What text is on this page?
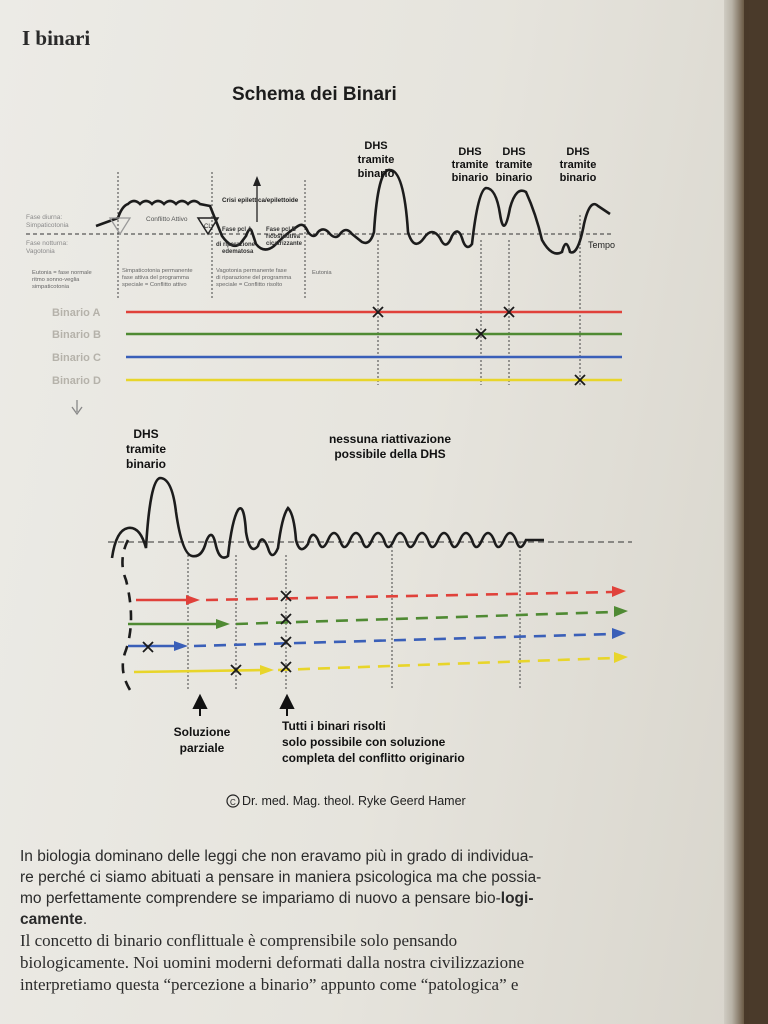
I binari
Schema dei Binari
Fase diurna:
Simpaticotonia
Fase notturna:
Vagotonia
CL
Crisi epilettica/epilettoide
Conflitto Attivo
Fase pcl A
di riparazione
edematosa
Fase pcl B
ricostitutiva
cicatrizzante	Tempo
DHS
tramite
binario
DHS
tramite
binario
DHS
tramite
binario
DHS
tramite
binario
Eutonia = fase normale
ritmo sonno-veglia
simpaticotonia
Simpaticotonia permanente
fase attiva del programma
speciale = Conflitto attivo
Vagotonia permanente fase
di riparazione del programma
speciale = Conflitto risolto
Eutonia
Binario A
Binario B
Binario C
Binario D
DHS
tramite
binario
nessuna riattivazione
possibile della DHS
Soluzione
parziale
Tutti i binari risolti
solo possibile con soluzione
completa del conflitto originario
C Dr. med. Mag. theol. Ryke Geerd Hamer

In biologia dominano delle leggi che non eravamo più in grado di individua-
re perché ci siamo abituati a pensare in maniera psicologica ma che possia-
mo perfettamente comprendere se impariamo di nuovo a pensare bio-logi-
camente.

Il concetto di binario conflittuale è comprensibile solo pensando
biologicamente. Noi uomini moderni deformati dalla nostra civilizzazione
interpretiamo questa “percezione a binario” appunto come “patologica” e
